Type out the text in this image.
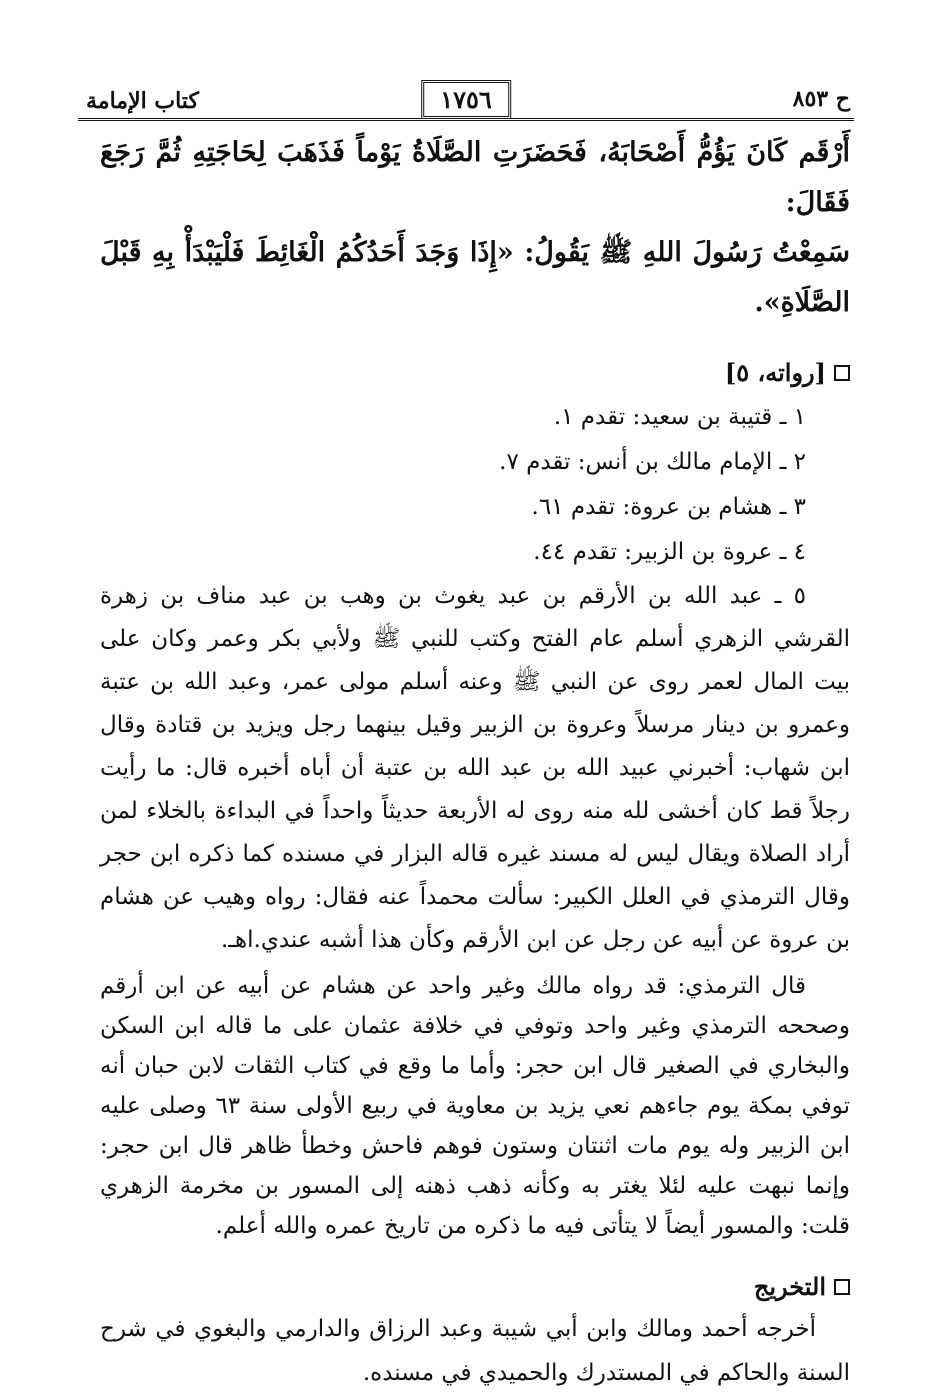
ح ٨٥٣
١٧٥٦
كتاب الإمامة

أَرْقَم كَانَ يَؤُمُّ أَصْحَابَهُ، فَحَضَرَتِ الصَّلَاةُ يَوْماً فَذَهَبَ لِحَاجَتِهِ ثُمَّ رَجَعَ فَقَالَ:

سَمِعْتُ رَسُولَ اللهِ ﷺ يَقُولُ: «إِذَا وَجَدَ أَحَدُكُمُ الْغَائِطَ فَلْيَبْدَأْ بِهِ قَبْلَ الصَّلَاةِ».

[رواته، ٥]

١ ـ قتيبة بن سعيد: تقدم ١.

٢ ـ الإمام مالك بن أنس: تقدم ٧.

٣ ـ هشام بن عروة: تقدم ٦١.

٤ ـ عروة بن الزبير: تقدم ٤٤.

٥ ـ عبد الله بن الأرقم بن عبد يغوث بن وهب بن عبد مناف بن زهرة القرشي الزهري أسلم عام الفتح وكتب للنبي ﷺ ولأبي بكر وعمر وكان على بيت المال لعمر روى عن النبي ﷺ وعنه أسلم مولى عمر، وعبد الله بن عتبة وعمرو بن دينار مرسلاً وعروة بن الزبير وقيل بينهما رجل ويزيد بن قتادة وقال ابن شهاب: أخبرني عبيد الله بن عبد الله بن عتبة أن أباه أخبره قال: ما رأيت رجلاً قط كان أخشى لله منه روى له الأربعة حديثاً واحداً في البداءة بالخلاء لمن أراد الصلاة ويقال ليس له مسند غيره قاله البزار في مسنده كما ذكره ابن حجر وقال الترمذي في العلل الكبير: سألت محمداً عنه فقال: رواه وهيب عن هشام بن عروة عن أبيه عن رجل عن ابن الأرقم وكأن هذا أشبه عندي.اهـ.

قال الترمذي: قد رواه مالك وغير واحد عن هشام عن أبيه عن ابن أرقم وصححه الترمذي وغير واحد وتوفي في خلافة عثمان على ما قاله ابن السكن والبخاري في الصغير قال ابن حجر: وأما ما وقع في كتاب الثقات لابن حبان أنه توفي بمكة يوم جاءهم نعي يزيد بن معاوية في ربيع الأولى سنة ٦٣ وصلى عليه ابن الزبير وله يوم مات اثنتان وستون فوهم فاحش وخطأ ظاهر قال ابن حجر: وإنما نبهت عليه لئلا يغتر به وكأنه ذهب ذهنه إلى المسور بن مخرمة الزهري قلت: والمسور أيضاً لا يتأتى فيه ما ذكره من تاريخ عمره والله أعلم.

التخريج

أخرجه أحمد ومالك وابن أبي شيبة وعبد الرزاق والدارمي والبغوي في شرح السنة والحاكم في المستدرك والحميدي في مسنده.
